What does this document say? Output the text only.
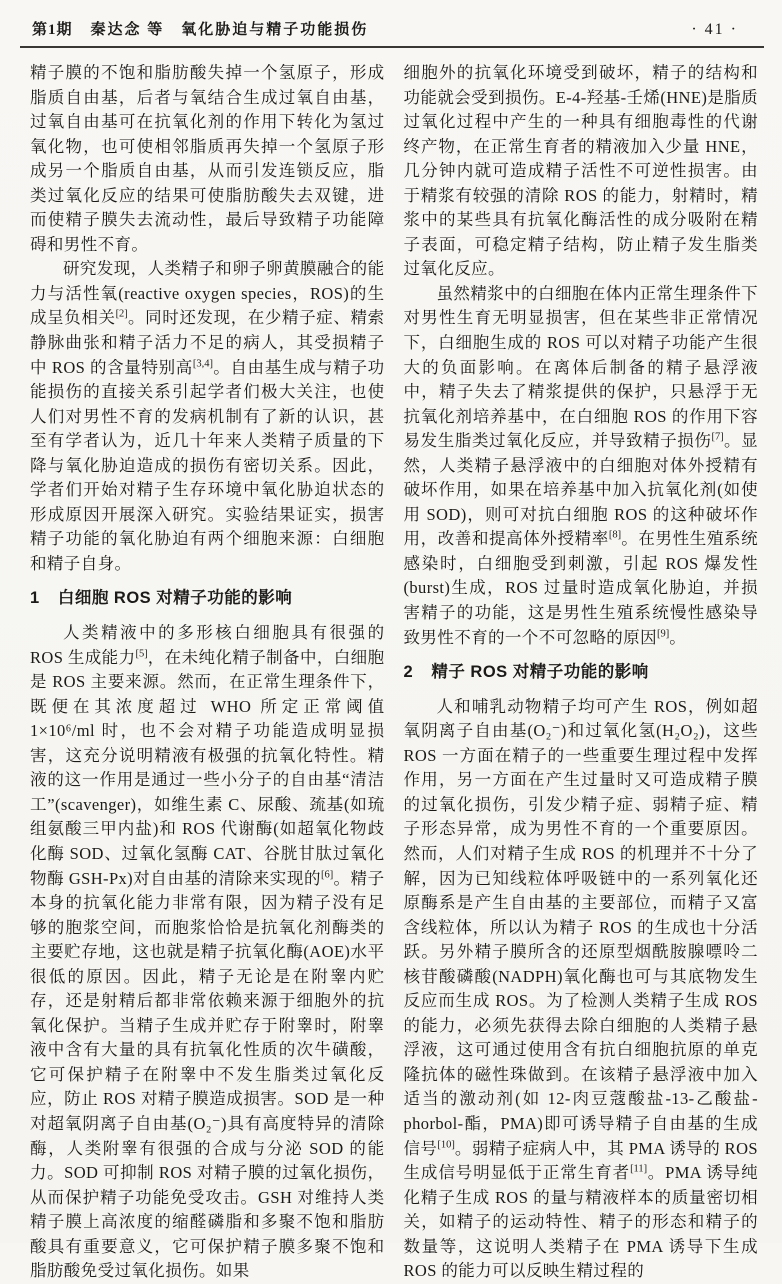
第1期 秦达念 等　氧化胁迫与精子功能损伤	· 41 ·

精子膜的不饱和脂肪酸失掉一个氢原子，形成脂质自由基，后者与氧结合生成过氧自由基，过氧自由基可在抗氧化剂的作用下转化为氢过氧化物，也可使相邻脂质再失掉一个氢原子形成另一个脂质自由基，从而引发连锁反应，脂类过氧化反应的结果可使脂肪酸失去双键，进而使精子膜失去流动性，最后导致精子功能障碍和男性不育。

研究发现，人类精子和卵子卵黄膜融合的能力与活性氧(reactive oxygen species，ROS)的生成呈负相关[2]。同时还发现，在少精子症、精索静脉曲张和精子活力不足的病人，其受损精子中 ROS 的含量特别高[3,4]。自由基生成与精子功能损伤的直接关系引起学者们极大关注，也使人们对男性不育的发病机制有了新的认识，甚至有学者认为，近几十年来人类精子质量的下降与氧化胁迫造成的损伤有密切关系。因此，学者们开始对精子生存环境中氧化胁迫状态的形成原因开展深入研究。实验结果证实，损害精子功能的氧化胁迫有两个细胞来源：白细胞和精子自身。

1 白细胞 ROS 对精子功能的影响

人类精液中的多形核白细胞具有很强的 ROS 生成能力[5]，在未纯化精子制备中，白细胞是 ROS 主要来源。然而，在正常生理条件下，既便在其浓度超过 WHO 所定正常阈值 1×10⁶/ml 时，也不会对精子功能造成明显损害，这充分说明精液有极强的抗氧化特性。精液的这一作用是通过一些小分子的自由基“清洁工”(scavenger)，如维生素 C、尿酸、巯基(如琉组氨酸三甲内盐)和 ROS 代谢酶(如超氧化物歧化酶 SOD、过氧化氢酶 CAT、谷胱甘肽过氧化物酶 GSH-Px)对自由基的清除来实现的[6]。精子本身的抗氧化能力非常有限，因为精子没有足够的胞浆空间，而胞浆恰恰是抗氧化剂酶类的主要贮存地，这也就是精子抗氧化酶(AOE)水平很低的原因。因此，精子无论是在附睾内贮存，还是射精后都非常依赖来源于细胞外的抗氧化保护。当精子生成并贮存于附睾时，附睾液中含有大量的具有抗氧化性质的次牛磺酸，它可保护精子在附睾中不发生脂类过氧化反应，防止 ROS 对精子膜造成损害。SOD 是一种对超氧阴离子自由基(O₂⁻)具有高度特异的清除酶，人类附睾有很强的合成与分泌 SOD 的能力。SOD 可抑制 ROS 对精子膜的过氧化损伤，从而保护精子功能免受攻击。GSH 对维持人类精子膜上高浓度的缩醛磷脂和多聚不饱和脂肪酸具有重要意义，它可保护精子膜多聚不饱和脂肪酸免受过氧化损伤。如果

细胞外的抗氧化环境受到破坏，精子的结构和功能就会受到损伤。E-4-羟基-壬烯(HNE)是脂质过氧化过程中产生的一种具有细胞毒性的代谢终产物，在正常生育者的精液加入少量 HNE，几分钟内就可造成精子活性不可逆性损害。由于精浆有较强的清除 ROS 的能力，射精时，精浆中的某些具有抗氧化酶活性的成分吸附在精子表面，可稳定精子结构，防止精子发生脂类过氧化反应。

虽然精浆中的白细胞在体内正常生理条件下对男性生育无明显损害，但在某些非正常情况下，白细胞生成的 ROS 可以对精子功能产生很大的负面影响。在离体后制备的精子悬浮液中，精子失去了精浆提供的保护，只悬浮于无抗氧化剂培养基中，在白细胞 ROS 的作用下容易发生脂类过氧化反应，并导致精子损伤[7]。显然，人类精子悬浮液中的白细胞对体外授精有破坏作用，如果在培养基中加入抗氧化剂(如使用 SOD)，则可对抗白细胞 ROS 的这种破坏作用，改善和提高体外授精率[8]。在男性生殖系统感染时，白细胞受到刺激，引起 ROS 爆发性(burst)生成，ROS 过量时造成氧化胁迫，并损害精子的功能，这是男性生殖系统慢性感染导致男性不育的一个不可忽略的原因[9]。

2 精子 ROS 对精子功能的影响

人和哺乳动物精子均可产生 ROS，例如超氧阴离子自由基(O₂⁻)和过氧化氢(H₂O₂)，这些 ROS 一方面在精子的一些重要生理过程中发挥作用，另一方面在产生过量时又可造成精子膜的过氧化损伤，引发少精子症、弱精子症、精子形态异常，成为男性不育的一个重要原因。然而，人们对精子生成 ROS 的机理并不十分了解，因为已知线粒体呼吸链中的一系列氧化还原酶系是产生自由基的主要部位，而精子又富含线粒体，所以认为精子 ROS 的生成也十分活跃。另外精子膜所含的还原型烟酰胺腺嘌呤二核苷酸磷酸(NADPH)氧化酶也可与其底物发生反应而生成 ROS。为了检测人类精子生成 ROS 的能力，必须先获得去除白细胞的人类精子悬浮液，这可通过使用含有抗白细胞抗原的单克隆抗体的磁性珠做到。在该精子悬浮液中加入适当的激动剂(如 12-肉豆蔻酸盐-13-乙酸盐-phorbol-酯，PMA)即可诱导精子自由基的生成信号[10]。弱精子症病人中，其 PMA 诱导的 ROS 生成信号明显低于正常生育者[11]。PMA 诱导纯化精子生成 ROS 的量与精液样本的质量密切相关，如精子的运动特性、精子的形态和精子的数量等，这说明人类精子在 PMA 诱导下生成 ROS 的能力可以反映生精过程的
